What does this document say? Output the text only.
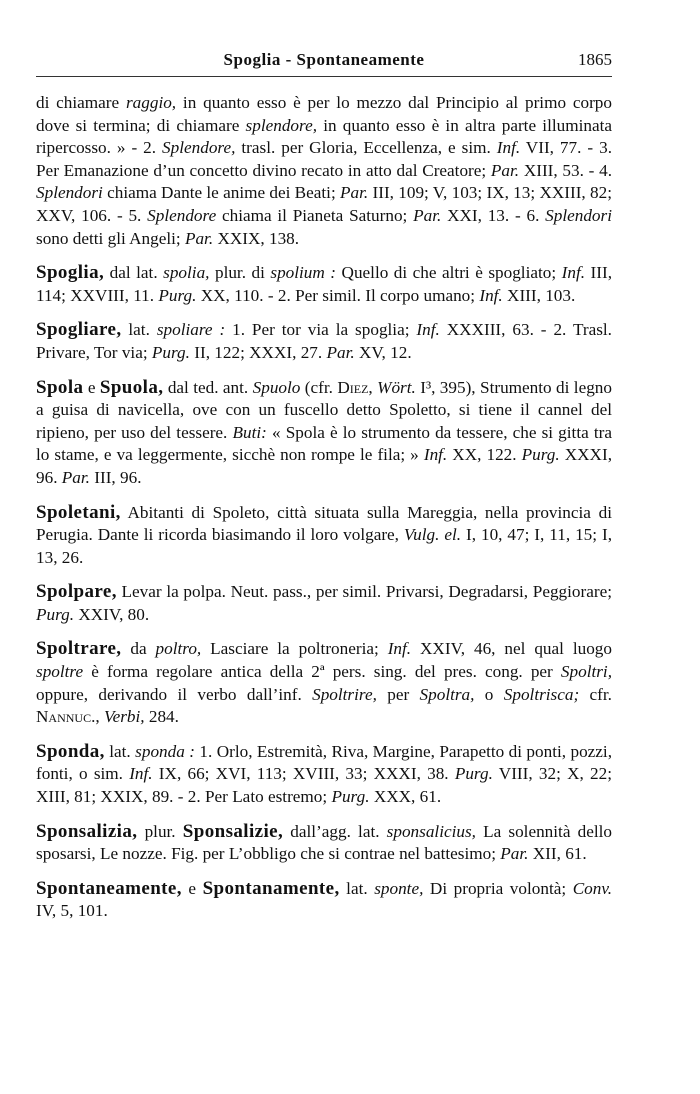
Spoglia - Spontaneamente	1865

di chiamare raggio, in quanto esso è per lo mezzo dal Principio al primo corpo dove si termina; di chiamare splendore, in quanto esso è in altra parte illuminata ripercosso. » - 2. Splendore, trasl. per Gloria, Eccellenza, e sim. Inf. VII, 77. - 3. Per Emanazione d’un concetto divino recato in atto dal Creatore; Par. XIII, 53. - 4. Splendori chiama Dante le anime dei Beati; Par. III, 109; V, 103; IX, 13; XXIII, 82; XXV, 106. - 5. Splendore chiama il Pianeta Saturno; Par. XXI, 13. - 6. Splendori sono detti gli Angeli; Par. XXIX, 138.

Spoglia, dal lat. spolia, plur. di spolium : Quello di che altri è spogliato; Inf. III, 114; XXVIII, 11. Purg. XX, 110. - 2. Per simil. Il corpo umano; Inf. XIII, 103.

Spogliare, lat. spoliare : 1. Per tor via la spoglia; Inf. XXXIII, 63. - 2. Trasl. Privare, Tor via; Purg. II, 122; XXXI, 27. Par. XV, 12.

Spola e Spuola, dal ted. ant. Spuolo (cfr. Diez, Wört. I³, 395), Strumento di legno a guisa di navicella, ove con un fuscello detto Spoletto, si tiene il cannel del ripieno, per uso del tessere. Buti: « Spola è lo strumento da tessere, che si gitta tra lo stame, e va leggermente, sicchè non rompe le fila; » Inf. XX, 122. Purg. XXXI, 96. Par. III, 96.

Spoletani, Abitanti di Spoleto, città situata sulla Mareggia, nella provincia di Perugia. Dante li ricorda biasimando il loro volgare, Vulg. el. I, 10, 47; I, 11, 15; I, 13, 26.

Spolpare, Levar la polpa. Neut. pass., per simil. Privarsi, Degradarsi, Peggiorare; Purg. XXIV, 80.

Spoltrare, da poltro, Lasciare la poltroneria; Inf. XXIV, 46, nel qual luogo spoltre è forma regolare antica della 2ª pers. sing. del pres. cong. per Spoltri, oppure, derivando il verbo dall’inf. Spoltrire, per Spoltra, o Spoltrisca; cfr. Nannuc., Verbi, 284.

Sponda, lat. sponda : 1. Orlo, Estremità, Riva, Margine, Parapetto di ponti, pozzi, fonti, o sim. Inf. IX, 66; XVI, 113; XVIII, 33; XXXI, 38. Purg. VIII, 32; X, 22; XIII, 81; XXIX, 89. - 2. Per Lato estremo; Purg. XXX, 61.

Sponsalizia, plur. Sponsalizie, dall’agg. lat. sponsalicius, La solennità dello sposarsi, Le nozze. Fig. per L’obbligo che si contrae nel battesimo; Par. XII, 61.

Spontaneamente, e Spontanamente, lat. sponte, Di propria volontà; Conv. IV, 5, 101.
